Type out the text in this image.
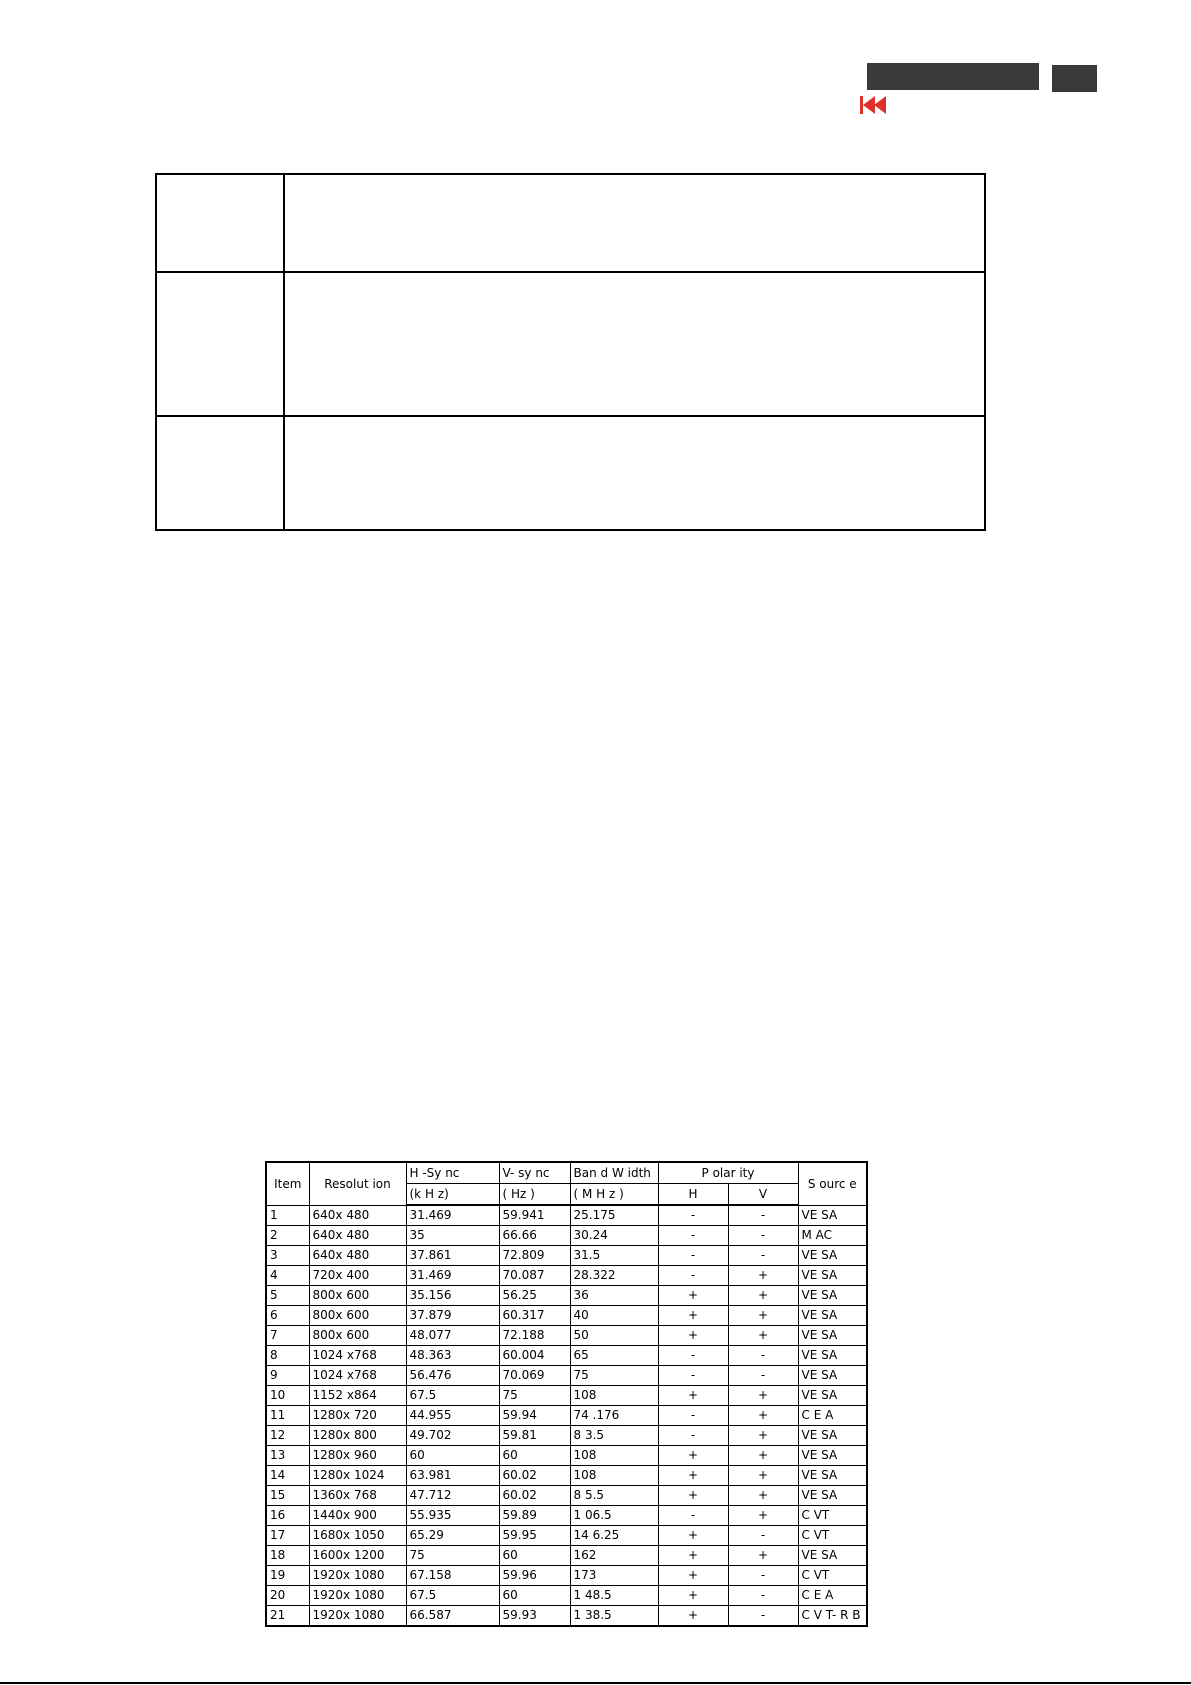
Item	Resolut ion	H -Sy nc	V- sy nc	Ban d W idth	P olar ity		S ourc e
		(k H z)	( Hz )	( M H z )	H	V	
1	640x 480	31.469	59.941	25.175	-	-	VE SA
2	640x 480	35	66.66	30.24	-	-	M AC
3	640x 480	37.861	72.809	31.5	-	-	VE SA
4	720x 400	31.469	70.087	28.322	-	+	VE SA
5	800x 600	35.156	56.25	36	+	+	VE SA
6	800x 600	37.879	60.317	40	+	+	VE SA
7	800x 600	48.077	72.188	50	+	+	VE SA
8	1024 x768	48.363	60.004	65	-	-	VE SA
9	1024 x768	56.476	70.069	75	-	-	VE SA
10	1152 x864	67.5	75	108	+	+	VE SA
11	1280x 720	44.955	59.94	74 .176	-	+	C E A
12	1280x 800	49.702	59.81	8 3.5	-	+	VE SA
13	1280x 960	60	60	108	+	+	VE SA
14	1280x 1024	63.981	60.02	108	+	+	VE SA
15	1360x 768	47.712	60.02	8 5.5	+	+	VE SA
16	1440x 900	55.935	59.89	1 06.5	-	+	C VT
17	1680x 1050	65.29	59.95	14 6.25	+	-	C VT
18	1600x 1200	75	60	162	+	+	VE SA
19	1920x 1080	67.158	59.96	173	+	-	C VT
20	1920x 1080	67.5	60	1 48.5	+	-	C E A
21	1920x 1080	66.587	59.93	1 38.5	+	-	C V T- R B
